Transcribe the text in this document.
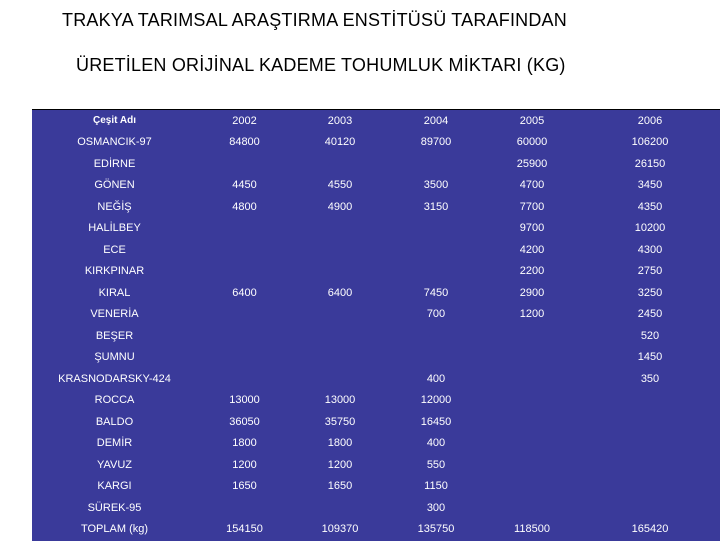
TRAKYA TARIMSAL ARAŞTIRMA ENSTİTÜSÜ TARAFINDAN
ÜRETİLEN ORİJİNAL KADEME TOHUMLUK MİKTARI (KG)
Çeşit Adı	2002	2003	2004	2005	2006
OSMANCIK-97	84800	40120	89700	60000	106200
EDİRNE				25900	26150
GÖNEN	4450	4550	3500	4700	3450
NEĞİŞ	4800	4900	3150	7700	4350
HALİLBEY				9700	10200
ECE				4200	4300
KIRKPINAR				2200	2750
KIRAL	6400	6400	7450	2900	3250
VENERİA			700	1200	2450
BEŞER					520
ŞUMNU					1450
KRASNODARSKY-424			400		350
ROCCA	13000	13000	12000		
BALDO	36050	35750	16450		
DEMİR	1800	1800	400		
YAVUZ	1200	1200	550		
KARGI	1650	1650	1150		
SÜREK-95			300		
TOPLAM (kg)	154150	109370	135750	118500	165420
